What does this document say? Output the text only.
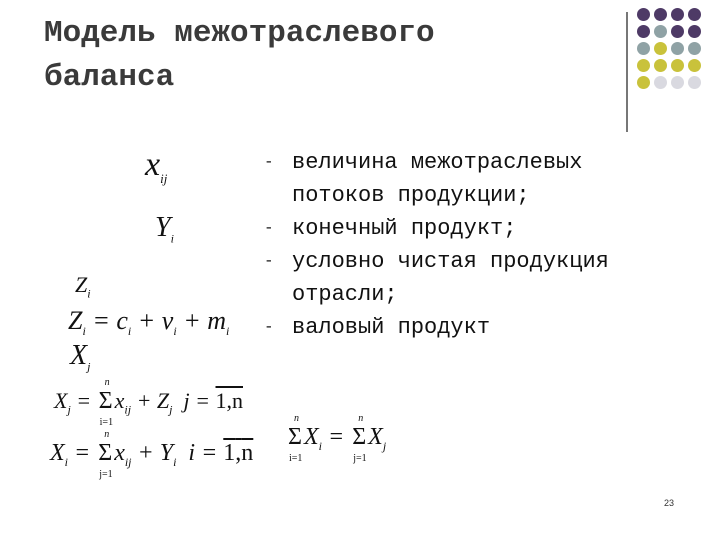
Модель межотраслевого
баланса
$x_{ij}$
$Y_i$
$Z_i$
$Z_i = c_i + v_i + m_i$
$X_j$
$X_j = \Sigma$
n
i=1
$x_{ij} + Z_j$ j = 1,n
$X_i = \Sigma$
n
j=1
$x_{ij} + Y_i$ i = 1,n
Σ
n
i=1
$X_i = \Sigma$
n
j=1
$X_j$
- величина межотраслевых потоков продукции;
- конечный продукт;
- условно чистая продукция отрасли;
- валовый продукт
23
